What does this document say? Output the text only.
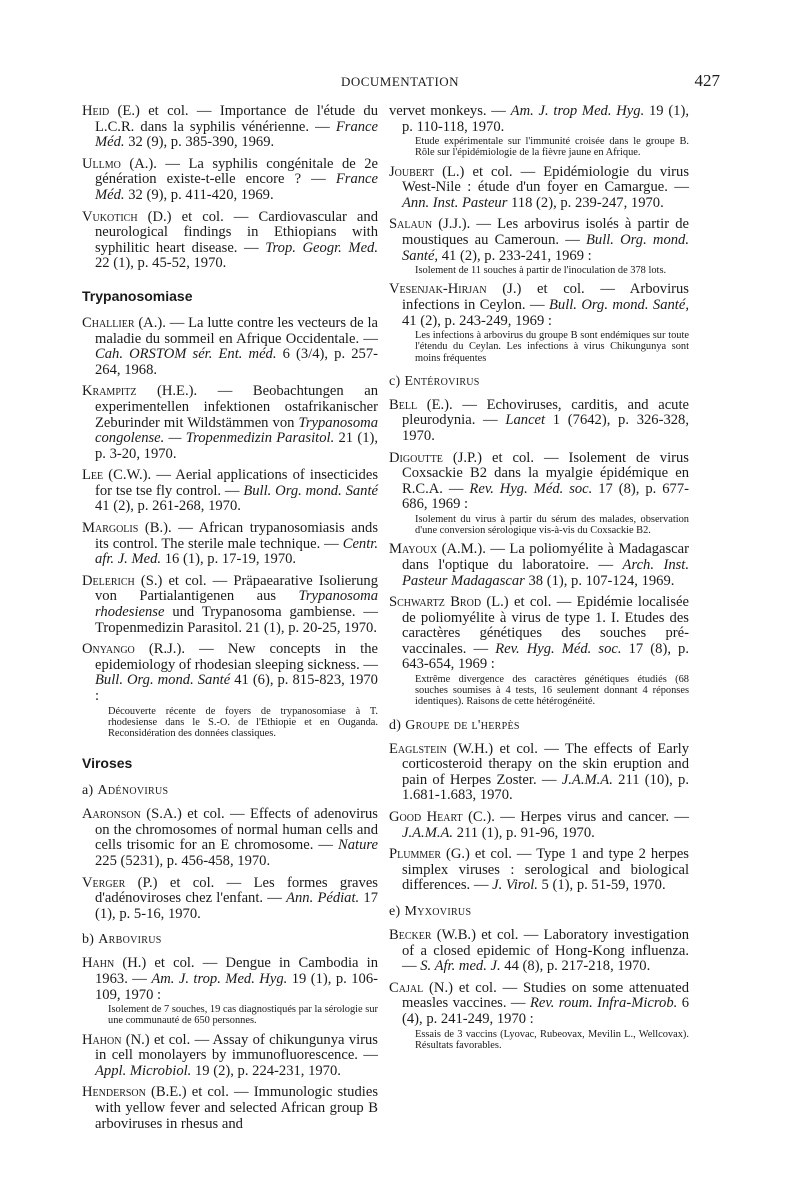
DOCUMENTATION	427
Heid (E.) et col. — Importance de l'étude du L.C.R. dans la syphilis vénérienne. — France Méd. 32 (9), p. 385-390, 1969.
Ullmo (A.). — La syphilis congénitale de 2e génération existe-t-elle encore ? — France Méd. 32 (9), p. 411-420, 1969.
Vukotich (D.) et col. — Cardiovascular and neurological findings in Ethiopians with syphilitic heart disease. — Trop. Geogr. Med. 22 (1), p. 45-52, 1970.
Trypanosomiase
Challier (A.). — La lutte contre les vecteurs de la maladie du sommeil en Afrique Occidentale. — Cah. ORSTOM sér. Ent. méd. 6 (3/4), p. 257-264, 1968.
Krampitz (H.E.). — Beobachtungen an experimentellen infektionen ostafrikanischer Zeburinder mit Wildstämmen von Trypanosoma congolense. — Tropenmedizin Parasitol. 21 (1), p. 3-20, 1970.
Lee (C.W.). — Aerial applications of insecticides for tse tse fly control. — Bull. Org. mond. Santé 41 (2), p. 261-268, 1970.
Margolis (B.). — African trypanosomiasis ands its control. The sterile male technique. — Centr. afr. J. Med. 16 (1), p. 17-19, 1970.
Delerich (S.) et col. — Präpaearative Isolierung von Partialantigenen aus Trypanosoma rhodesiense und Trypanosoma gambiense. — Tropenmedizin Parasitol. 21 (1), p. 20-25, 1970.
Onyango (R.J.). — New concepts in the epidemiology of rhodesian sleeping sickness. — Bull. Org. mond. Santé 41 (6), p. 815-823, 1970 :
Découverte récente de foyers de trypanosomiase à T. rhodesiense dans le S.-O. de l'Ethiopie et en Ouganda. Reconsidération des données classiques.
Viroses
a) Adénovirus
Aaronson (S.A.) et col. — Effects of adenovirus on the chromosomes of normal human cells and cells trisomic for an E chromosome. — Nature 225 (5231), p. 456-458, 1970.
Verger (P.) et col. — Les formes graves d'adénoviroses chez l'enfant. — Ann. Pédiat. 17 (1), p. 5-16, 1970.
b) Arbovirus
Hahn (H.) et col. — Dengue in Cambodia in 1963. — Am. J. trop. Med. Hyg. 19 (1), p. 106-109, 1970 :
Isolement de 7 souches, 19 cas diagnostiqués par la sérologie sur une communauté de 650 personnes.
Hahon (N.) et col. — Assay of chikungunya virus in cell monolayers by immunofluorescence. — Appl. Microbiol. 19 (2), p. 224-231, 1970.
Henderson (B.E.) et col. — Immunologic studies with yellow fever and selected African group B arboviruses in rhesus and
vervet monkeys. — Am. J. trop Med. Hyg. 19 (1), p. 110-118, 1970.
Etude expérimentale sur l'immunité croisée dans le groupe B. Rôle sur l'épidémiologie de la fièvre jaune en Afrique.
Joubert (L.) et col. — Epidémiologie du virus West-Nile : étude d'un foyer en Camargue. — Ann. Inst. Pasteur 118 (2), p. 239-247, 1970.
Salaun (J.J.). — Les arbovirus isolés à partir de moustiques au Cameroun. — Bull. Org. mond. Santé, 41 (2), p. 233-241, 1969 :
Isolement de 11 souches à partir de l'inoculation de 378 lots.
Vesenjak-Hirjan (J.) et col. — Arbovirus infections in Ceylon. — Bull. Org. mond. Santé, 41 (2), p. 243-249, 1969 :
Les infections à arbovirus du groupe B sont endémiques sur toute l'étendu du Ceylan. Les infections à virus Chikungunya sont moins fréquentes
c) Entérovirus
Bell (E.). — Echoviruses, carditis, and acute pleurodynia. — Lancet 1 (7642), p. 326-328, 1970.
Digoutte (J.P.) et col. — Isolement de virus Coxsackie B2 dans la myalgie épidémique en R.C.A. — Rev. Hyg. Méd. soc. 17 (8), p. 677-686, 1969 :
Isolement du virus à partir du sérum des malades, observation d'une conversion sérologique vis-à-vis du Coxsackie B2.
Mayoux (A.M.). — La poliomyélite à Madagascar dans l'optique du laboratoire. — Arch. Inst. Pasteur Madagascar 38 (1), p. 107-124, 1969.
Schwartz Brod (L.) et col. — Epidémie localisée de poliomyélite à virus de type 1. I. Etudes des caractères génétiques des souches pré-vaccinales. — Rev. Hyg. Méd. soc. 17 (8), p. 643-654, 1969 :
Extrême divergence des caractères génétiques étudiés (68 souches soumises à 4 tests, 16 seulement donnant 4 réponses identiques). Raisons de cette hétérogénéité.
d) Groupe de l'herpès
Eaglstein (W.H.) et col. — The effects of Early corticosteroid therapy on the skin eruption and pain of Herpes Zoster. — J.A.M.A. 211 (10), p. 1.681-1.683, 1970.
Good Heart (C.). — Herpes virus and cancer. — J.A.M.A. 211 (1), p. 91-96, 1970.
Plummer (G.) et col. — Type 1 and type 2 herpes simplex viruses : serological and biological differences. — J. Virol. 5 (1), p. 51-59, 1970.
e) Myxovirus
Becker (W.B.) et col. — Laboratory investigation of a closed epidemic of Hong-Kong influenza. — S. Afr. med. J. 44 (8), p. 217-218, 1970.
Cajal (N.) et col. — Studies on some attenuated measles vaccines. — Rev. roum. Infra-Microb. 6 (4), p. 241-249, 1970 :
Essais de 3 vaccins (Lyovac, Rubeovax, Mevilin L., Wellcovax). Résultats favorables.
